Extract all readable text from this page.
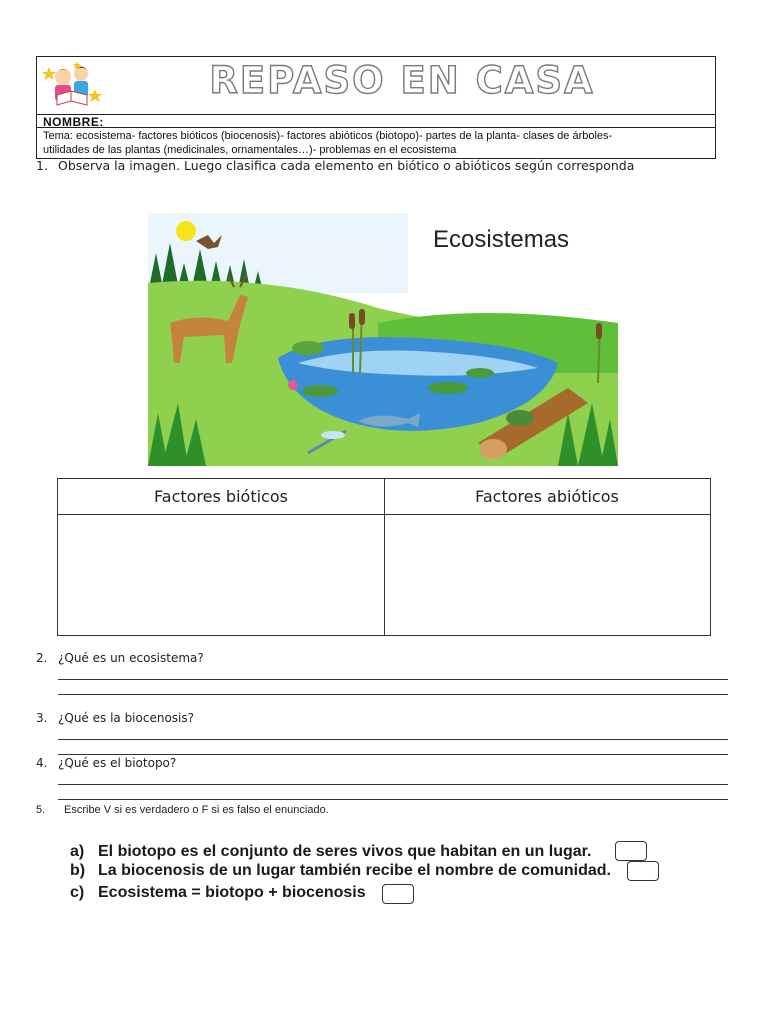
REPASO EN CASA
NOMBRE:
Tema: ecosistema- factores bióticos (biocenosis)- factores abióticos (biotopo)- partes de la planta- clases de árboles-
utilidades de las plantas (medicinales, ornamentales…)- problemas en el ecosistema
1. Observa la imagen. Luego clasifica cada elemento en biótico o abióticos según corresponda
Ecosistemas
Factores bióticos	Factores abióticos
2. ¿Qué es un ecosistema?
3. ¿Qué es la biocenosis?
4. ¿Qué es el biotopo?
5. Escribe V si es verdadero o F si es falso el enunciado.
a) El biotopo es el conjunto de seres vivos que habitan en un lugar.
b) La biocenosis de un lugar también recibe el nombre de comunidad.
c) Ecosistema = biotopo + biocenosis
